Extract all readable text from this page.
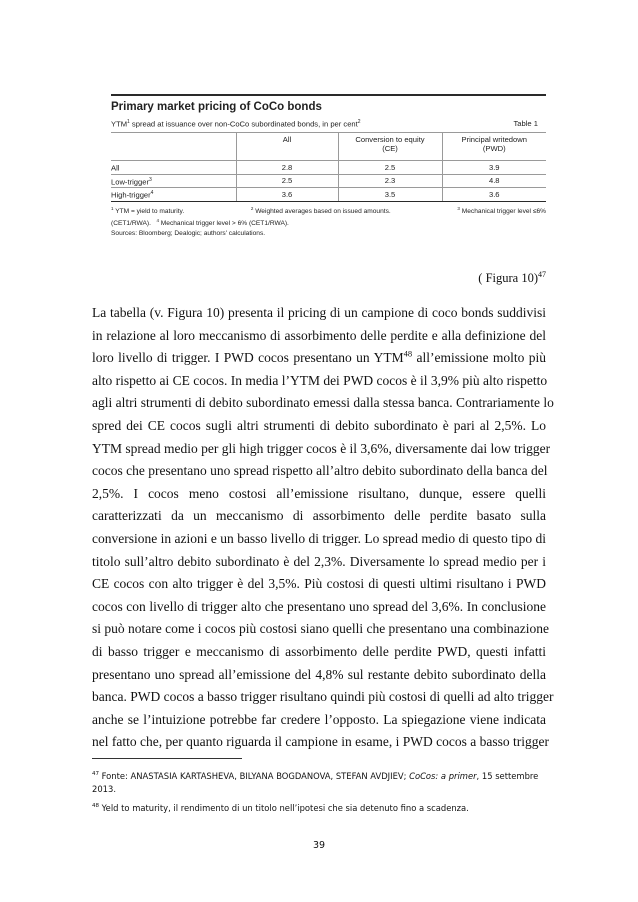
Primary market pricing of CoCo bonds
YTM$^1$ spread at issuance over non-CoCo subordinated bonds, in per cent$^2$	Table 1
	All	Conversion to equity (CE)	Principal writedown (PWD)
All	2.8	2.5	3.9
Low-trigger$^3$	2.5	2.3	4.8
High-trigger$^4$	3.6	3.5	3.6

$^1$ YTM = yield to maturity.	$^2$ Weighted averages based on issued amounts.	$^3$ Mechanical trigger level ≤6%

(CET1/RWA). $^4$ Mechanical trigger level > 6% (CET1/RWA).

Sources: Bloomberg; Dealogic; authors' calculations.
( Figura 10)$^{47}$
La tabella (v. Figura 10) presenta il pricing di un campione di coco bonds suddivisi
in relazione al loro meccanismo di assorbimento delle perdite e alla definizione del
loro livello di trigger. I PWD cocos presentano un YTM$^{48}$ all’emissione molto più
alto rispetto ai CE cocos. In media l’YTM dei PWD cocos è il 3,9% più alto rispetto
agli altri strumenti di debito subordinato emessi dalla stessa banca. Contrariamente lo
spred dei CE cocos sugli altri strumenti di debito subordinato è pari al 2,5%. Lo
YTM spread medio per gli high trigger cocos è il 3,6%, diversamente dai low trigger
cocos che presentano uno spread rispetto all’altro debito subordinato della banca del
2,5%. I cocos meno costosi all’emissione risultano, dunque, essere quelli
caratterizzati da un meccanismo di assorbimento delle perdite basato sulla
conversione in azioni e un basso livello di trigger. Lo spread medio di questo tipo di
titolo sull’altro debito subordinato è del 2,3%. Diversamente lo spread medio per i
CE cocos con alto trigger è del 3,5%. Più costosi di questi ultimi risultano i PWD
cocos con livello di trigger alto che presentano uno spread del 3,6%. In conclusione
si può notare come i cocos più costosi siano quelli che presentano una combinazione
di basso trigger e meccanismo di assorbimento delle perdite PWD, questi infatti
presentano uno spread all’emissione del 4,8% sul restante debito subordinato della
banca. PWD cocos a basso trigger risultano quindi più costosi di quelli ad alto trigger
anche se l’intuizione potrebbe far credere l’opposto. La spiegazione viene indicata
nel fatto che, per quanto riguarda il campione in esame, i PWD cocos a basso trigger

$^{47}$ Fonte: ANASTASIA KARTASHEVA, BILYANA BOGDANOVA, STEFAN AVDJIEV; CoCos: a primer, 15 settembre 2013.

$^{48}$ Yeld to maturity, il rendimento di un titolo nell’ipotesi che sia detenuto fino a scadenza.

39
